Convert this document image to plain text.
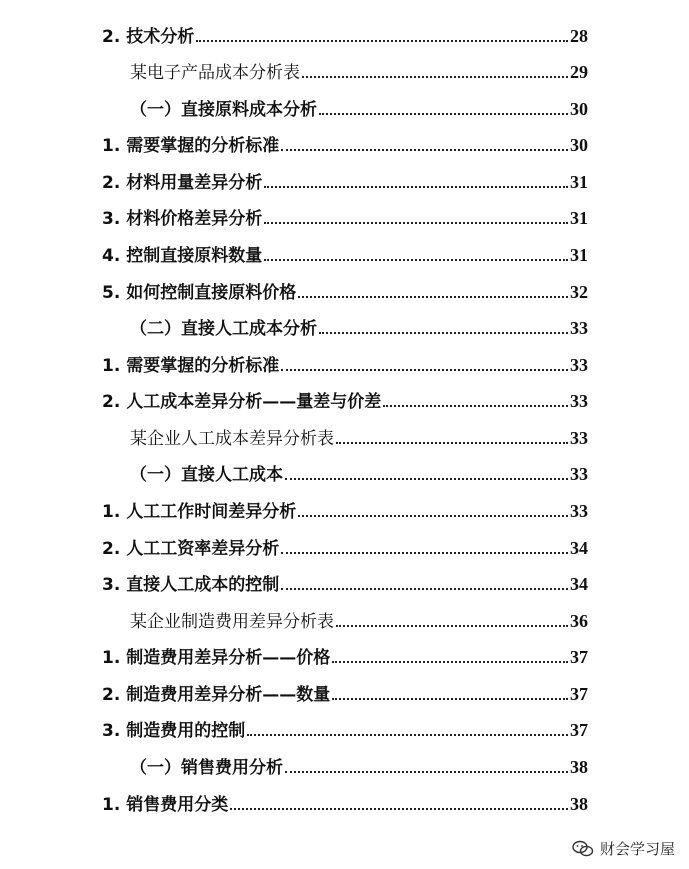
2. 技术分析	28
某电子产品成本分析表	29
（一）直接原料成本分析	30
1. 需要掌握的分析标准	30
2. 材料用量差异分析	31
3. 材料价格差异分析	31
4. 控制直接原料数量	31
5. 如何控制直接原料价格	32
（二）直接人工成本分析	33
1. 需要掌握的分析标准	33
2. 人工成本差异分析——量差与价差	33
某企业人工成本差异分析表	33
（一）直接人工成本	33
1. 人工工作时间差异分析	33
2. 人工工资率差异分析	34
3. 直接人工成本的控制	34
某企业制造费用差异分析表	36
1. 制造费用差异分析——价格	37
2. 制造费用差异分析——数量	37
3. 制造费用的控制	37
（一）销售费用分析	38
1. 销售费用分类	38
财会学习屋
